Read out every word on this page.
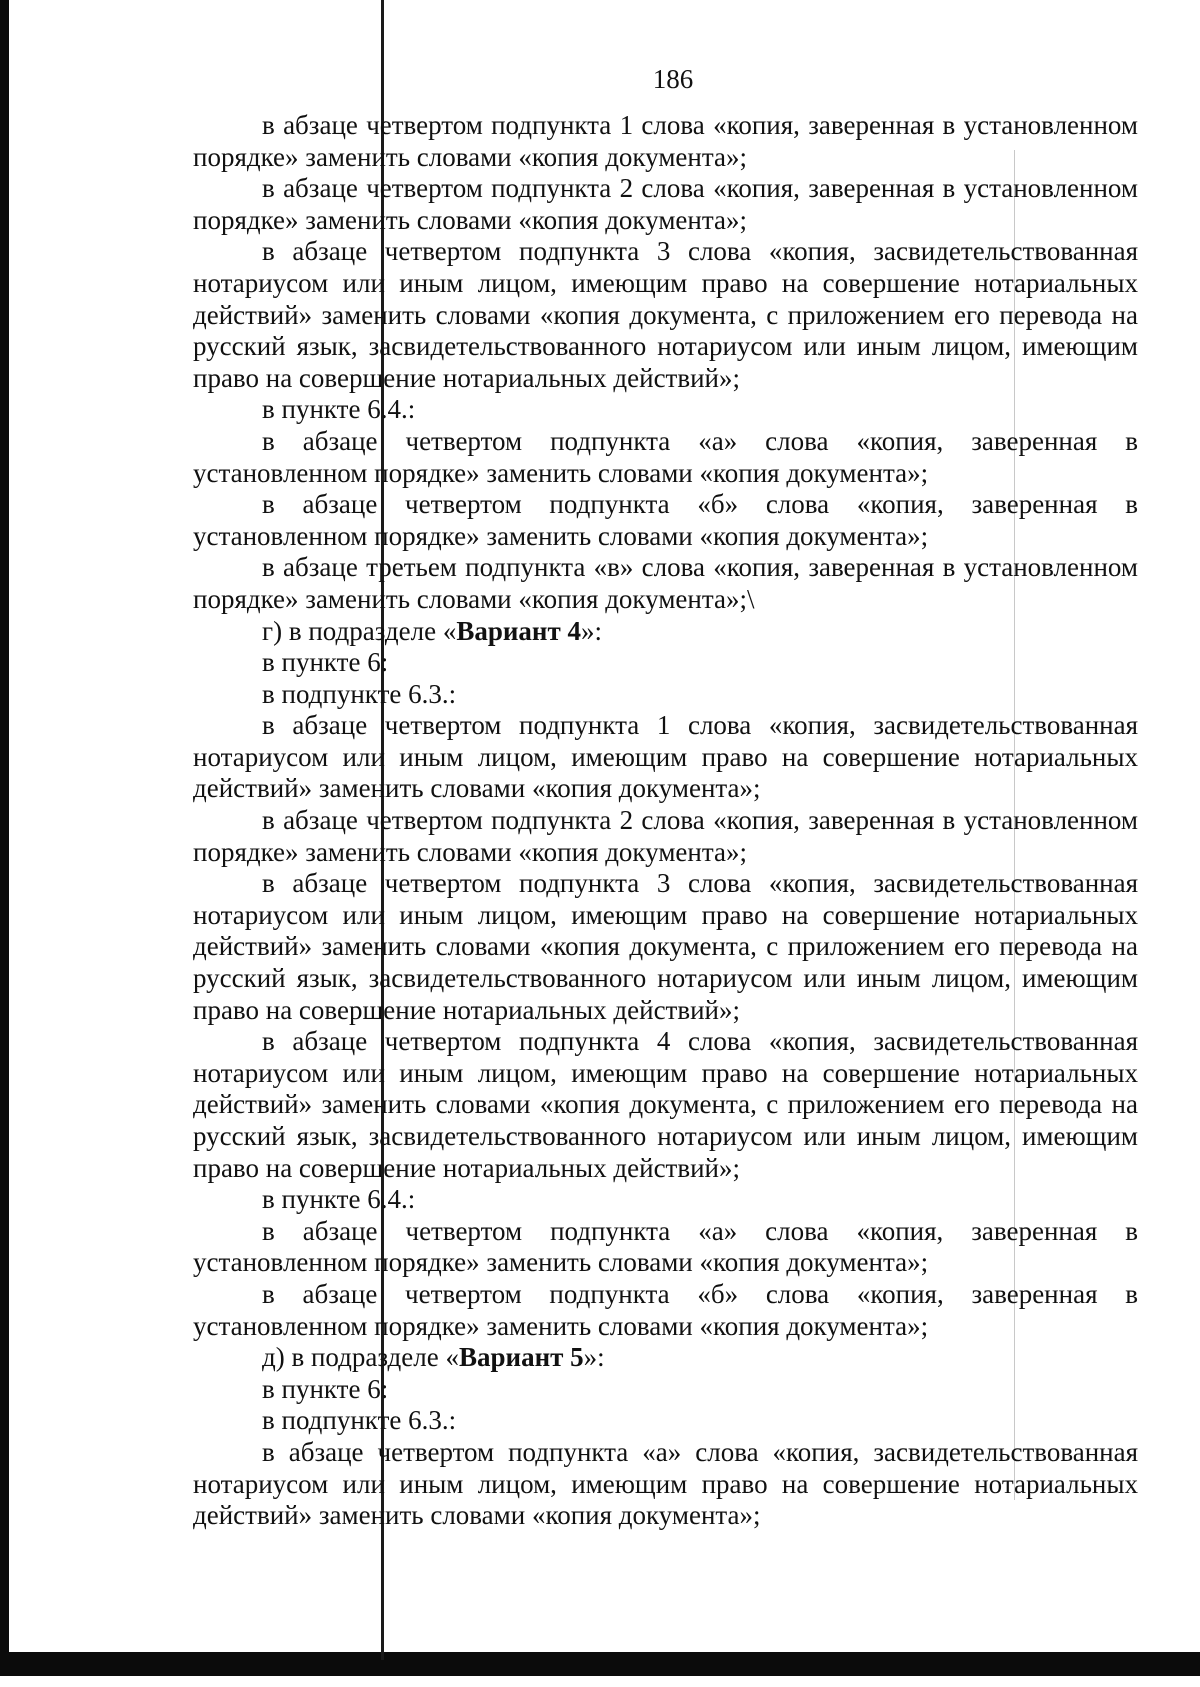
186

в абзаце четвертом подпункта 1 слова «копия, заверенная в установленном порядке» заменить словами «копия документа»;

в абзаце четвертом подпункта 2 слова «копия, заверенная в установленном порядке» заменить словами «копия документа»;

в абзаце четвертом подпункта 3 слова «копия, засвидетельствованная нотариусом или иным лицом, имеющим право на совершение нотариальных действий» заменить словами «копия документа, с приложением его перевода на русский язык, засвидетельствованного нотариусом или иным лицом, имеющим право на совершение нотариальных действий»;

в пункте 6.4.:

в абзаце четвертом подпункта «а» слова «копия, заверенная в установленном порядке» заменить словами «копия документа»;

в абзаце четвертом подпункта «б» слова «копия, заверенная в установленном порядке» заменить словами «копия документа»;

в абзаце третьем подпункта «в» слова «копия, заверенная в установленном порядке» заменить словами «копия документа»;\

г) в подразделе «Вариант 4»:

в пункте 6:

в подпункте 6.3.:

в абзаце четвертом подпункта 1 слова «копия, засвидетельствованная нотариусом или иным лицом, имеющим право на совершение нотариальных действий» заменить словами «копия документа»;

в абзаце четвертом подпункта 2 слова «копия, заверенная в установленном порядке» заменить словами «копия документа»;

в абзаце четвертом подпункта 3 слова «копия, засвидетельствованная нотариусом или иным лицом, имеющим право на совершение нотариальных действий» заменить словами «копия документа, с приложением его перевода на русский язык, засвидетельствованного нотариусом или иным лицом, имеющим право на совершение нотариальных действий»;

в абзаце четвертом подпункта 4 слова «копия, засвидетельствованная нотариусом или иным лицом, имеющим право на совершение нотариальных действий» заменить словами «копия документа, с приложением его перевода на русский язык, засвидетельствованного нотариусом или иным лицом, имеющим право на совершение нотариальных действий»;

в пункте 6.4.:

в абзаце четвертом подпункта «а» слова «копия, заверенная в установленном порядке» заменить словами «копия документа»;

в абзаце четвертом подпункта «б» слова «копия, заверенная в установленном порядке» заменить словами «копия документа»;

д) в подразделе «Вариант 5»:

в пункте 6:

в подпункте 6.3.:

в абзаце четвертом подпункта «а» слова «копия, засвидетельствованная нотариусом или иным лицом, имеющим право на совершение нотариальных действий» заменить словами «копия документа»;
